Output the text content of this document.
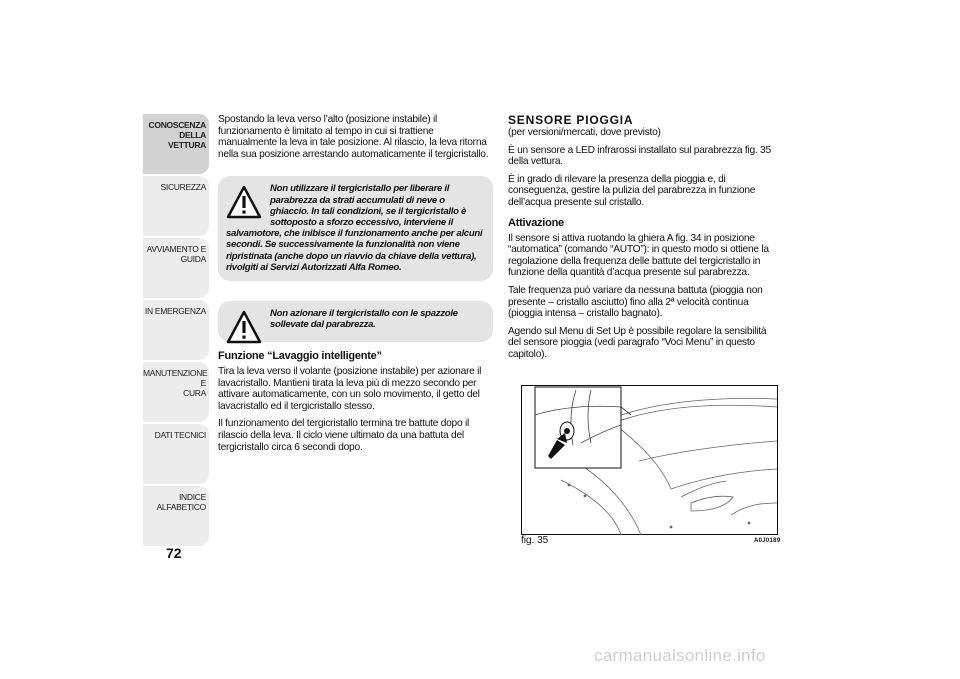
CONOSCENZA
DELLA VETTURA
SICUREZZA
AVVIAMENTO E
GUIDA
IN EMERGENZA
MANUTENZIONE E
CURA
DATI TECNICI
INDICE ALFABETICO
72

Spostando la leva verso l’alto (posizione instabile) il funzionamento è limitato al tempo in cui si trattiene manualmente la leva in tale posizione. Al rilascio, la leva ritorna nella sua posizione arrestando automaticamente il tergicristallo.

Non utilizzare il tergicristallo per liberare il parabrezza da strati accumulati di neve o ghiaccio. In tali condizioni, se il tergicristallo è sottoposto a sforzo eccessivo, interviene il salvamotore, che inibisce il funzionamento anche per alcuni secondi. Se successivamente la funzionalità non viene ripristinata (anche dopo un riavvio da chiave della vettura), rivolgiti ai Servizi Autorizzati Alfa Romeo.
Non azionare il tergicristallo con le spazzole sollevate dal parabrezza.
Funzione “Lavaggio intelligente”

Tira la leva verso il volante (posizione instabile) per azionare il lavacristallo. Mantieni tirata la leva più di mezzo secondo per attivare automaticamente, con un solo movimento, il getto del lavacristallo ed il tergicristallo stesso.

Il funzionamento del tergicristallo termina tre battute dopo il rilascio della leva. Il ciclo viene ultimato da una battuta del tergicristallo circa 6 secondi dopo.

SENSORE PIOGGIA

(per versioni/mercati, dove previsto)

È un sensore a LED infrarossi installato sul parabrezza fig. 35 della vettura.

È in grado di rilevare la presenza della pioggia e, di conseguenza, gestire la pulizia del parabrezza in funzione dell’acqua presente sul cristallo.

Attivazione

Il sensore si attiva ruotando la ghiera A fig. 34 in posizione “automatica” (comando “AUTO”): in questo modo si ottiene la regolazione della frequenza delle battute del tergicristallo in funzione della quantità d’acqua presente sul parabrezza.

Tale frequenza può variare da nessuna battuta (pioggia non presente – cristallo asciutto) fino alla 2ª velocità continua (pioggia intensa – cristallo bagnato).

Agendo sul Menu di Set Up è possibile regolare la sensibilità del sensore pioggia (vedi paragrafo “Voci Menu” in questo capitolo).

fig. 35	A0J0189
carmanualsonline.info
